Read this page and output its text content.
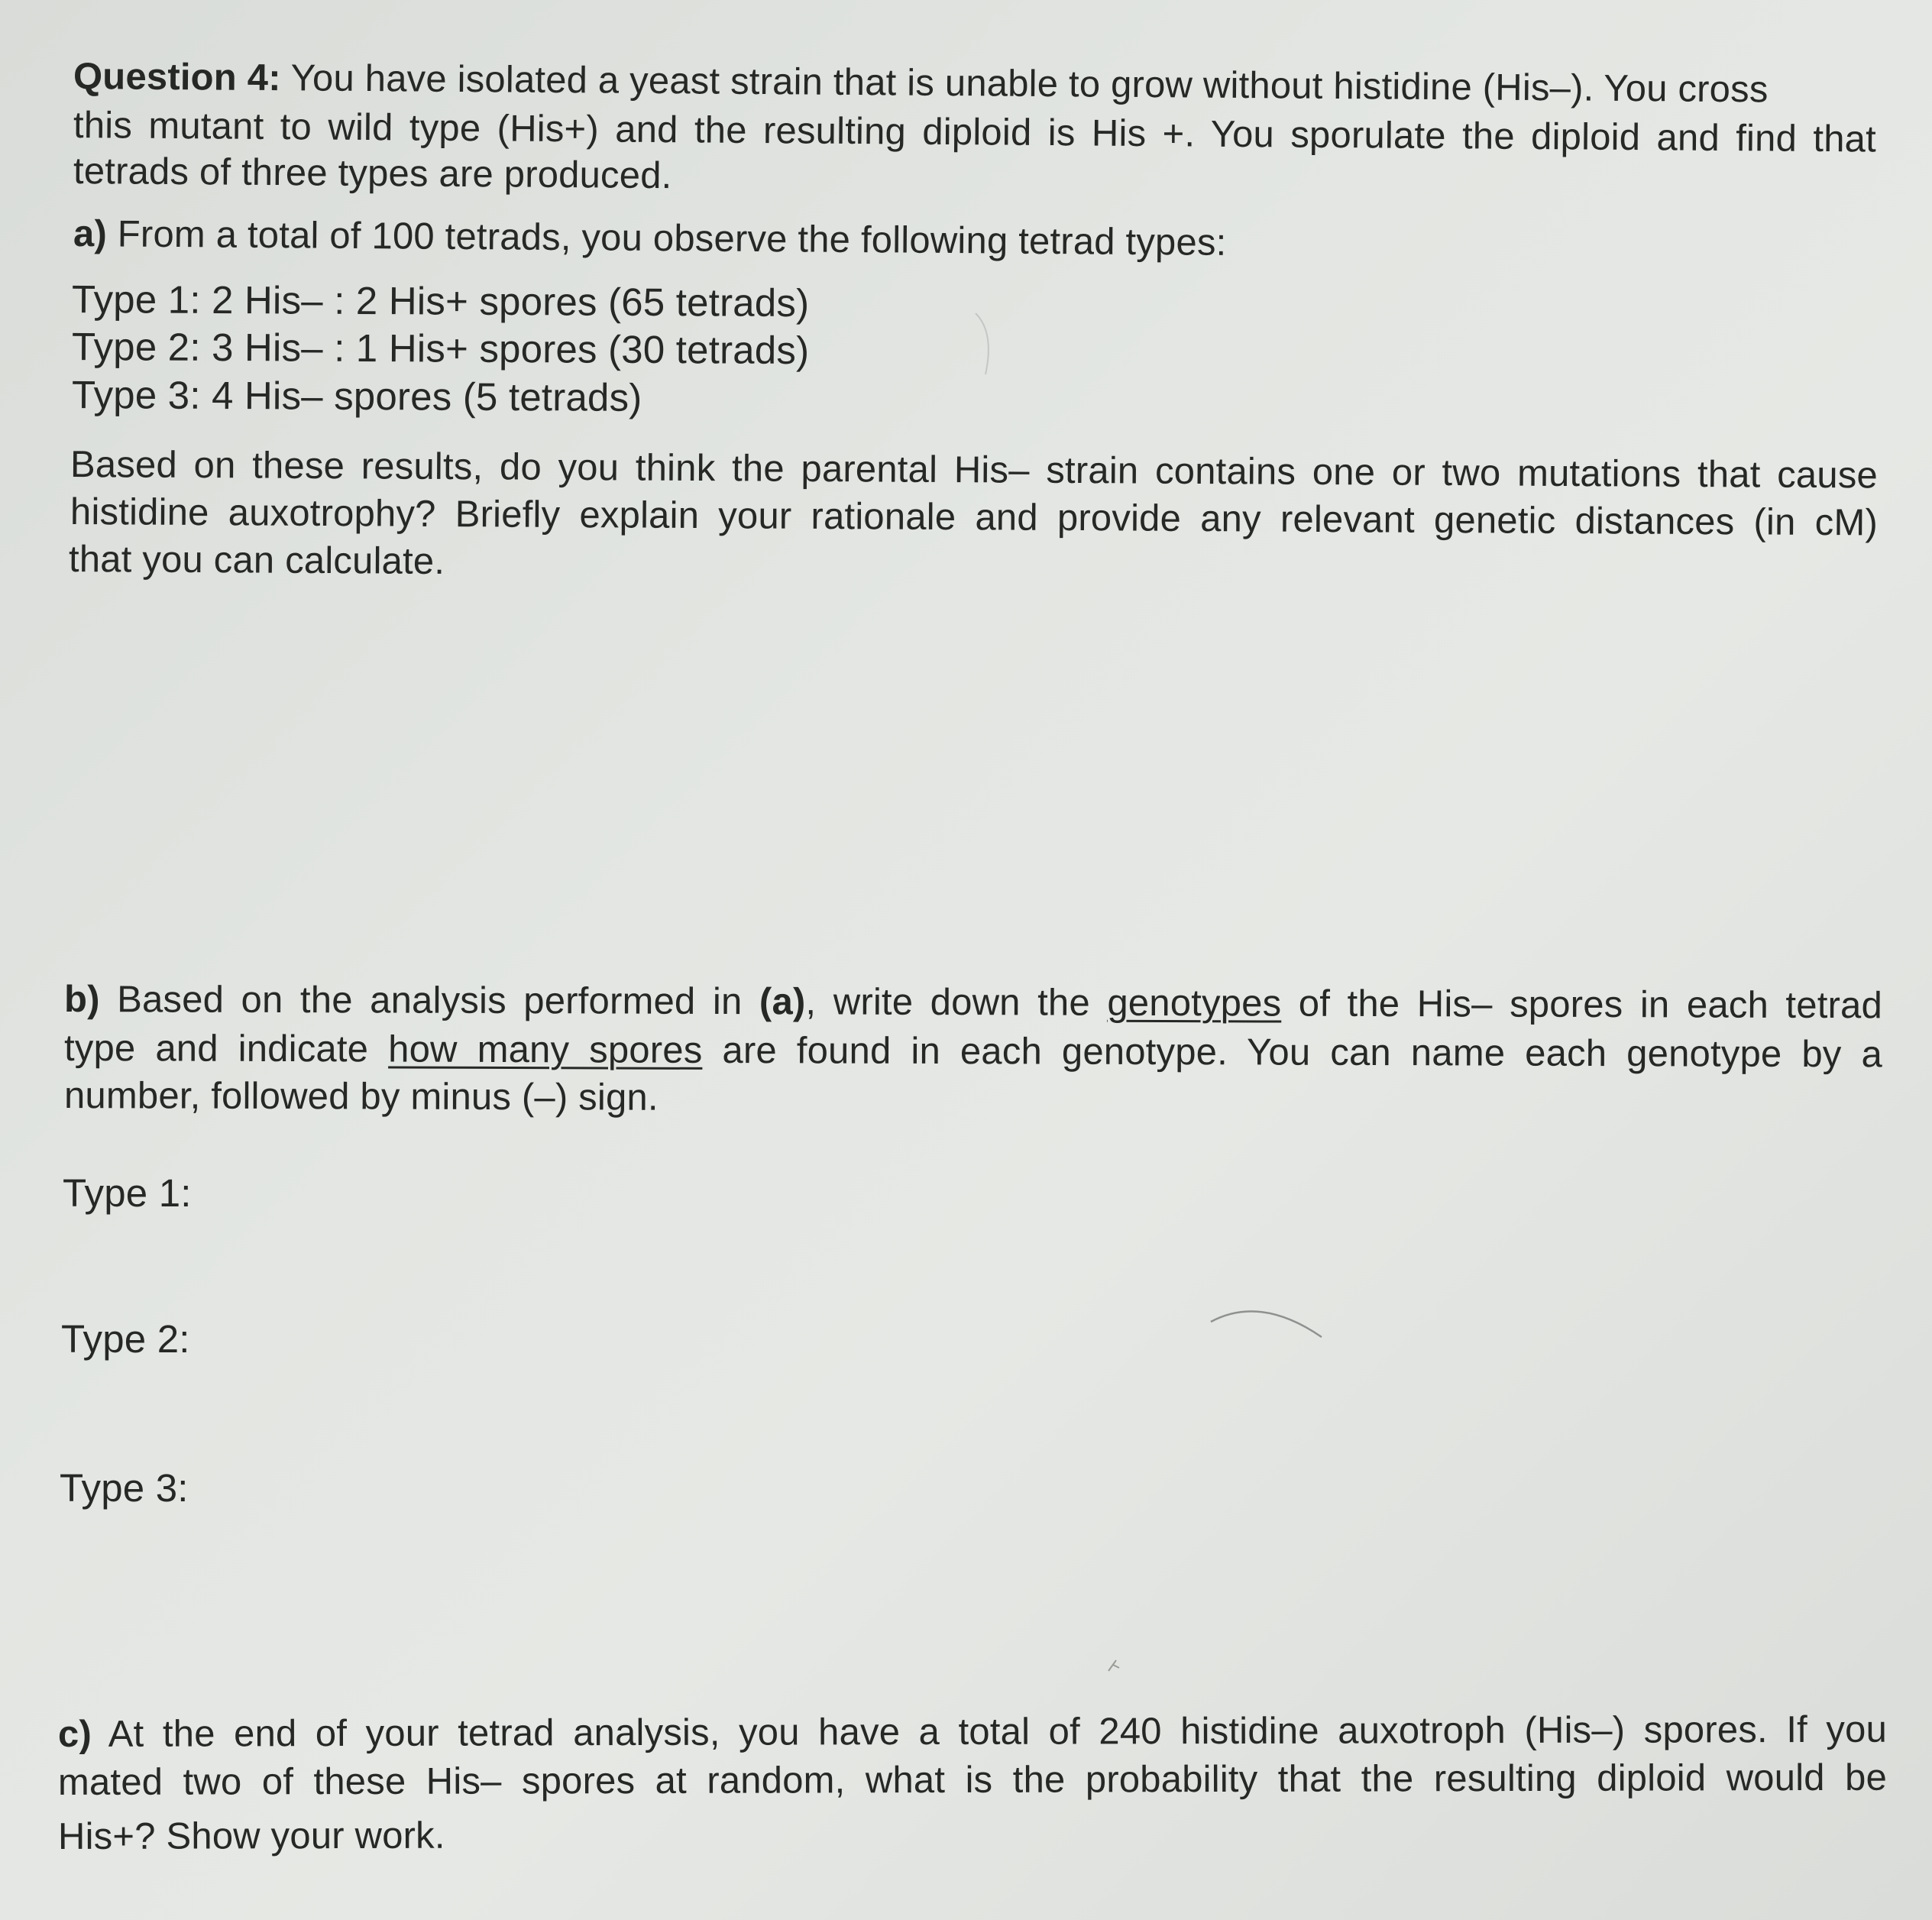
Question 4: You have isolated a yeast strain that is unable to grow without histidine (His–). You cross
this mutant to wild type (His+) and the resulting diploid is His +. You sporulate the diploid and find that
tetrads of three types are produced.
a) From a total of 100 tetrads, you observe the following tetrad types:
Type 1: 2 His– : 2 His+ spores (65 tetrads)
Type 2: 3 His– : 1 His+ spores (30 tetrads)
Type 3: 4 His– spores (5 tetrads)
Based on these results, do you think the parental His– strain contains one or two mutations that cause
histidine auxotrophy? Briefly explain your rationale and provide any relevant genetic distances (in cM)
that you can calculate.
b) Based on the analysis performed in (a), write down the genotypes of the His– spores in each tetrad
type and indicate how many spores are found in each genotype. You can name each genotype by a
number, followed by minus (–) sign.
Type 1:
Type 2:
Type 3:
c) At the end of your tetrad analysis, you have a total of 240 histidine auxotroph (His–) spores. If you
mated two of these His– spores at random, what is the probability that the resulting diploid would be
His+? Show your work.
